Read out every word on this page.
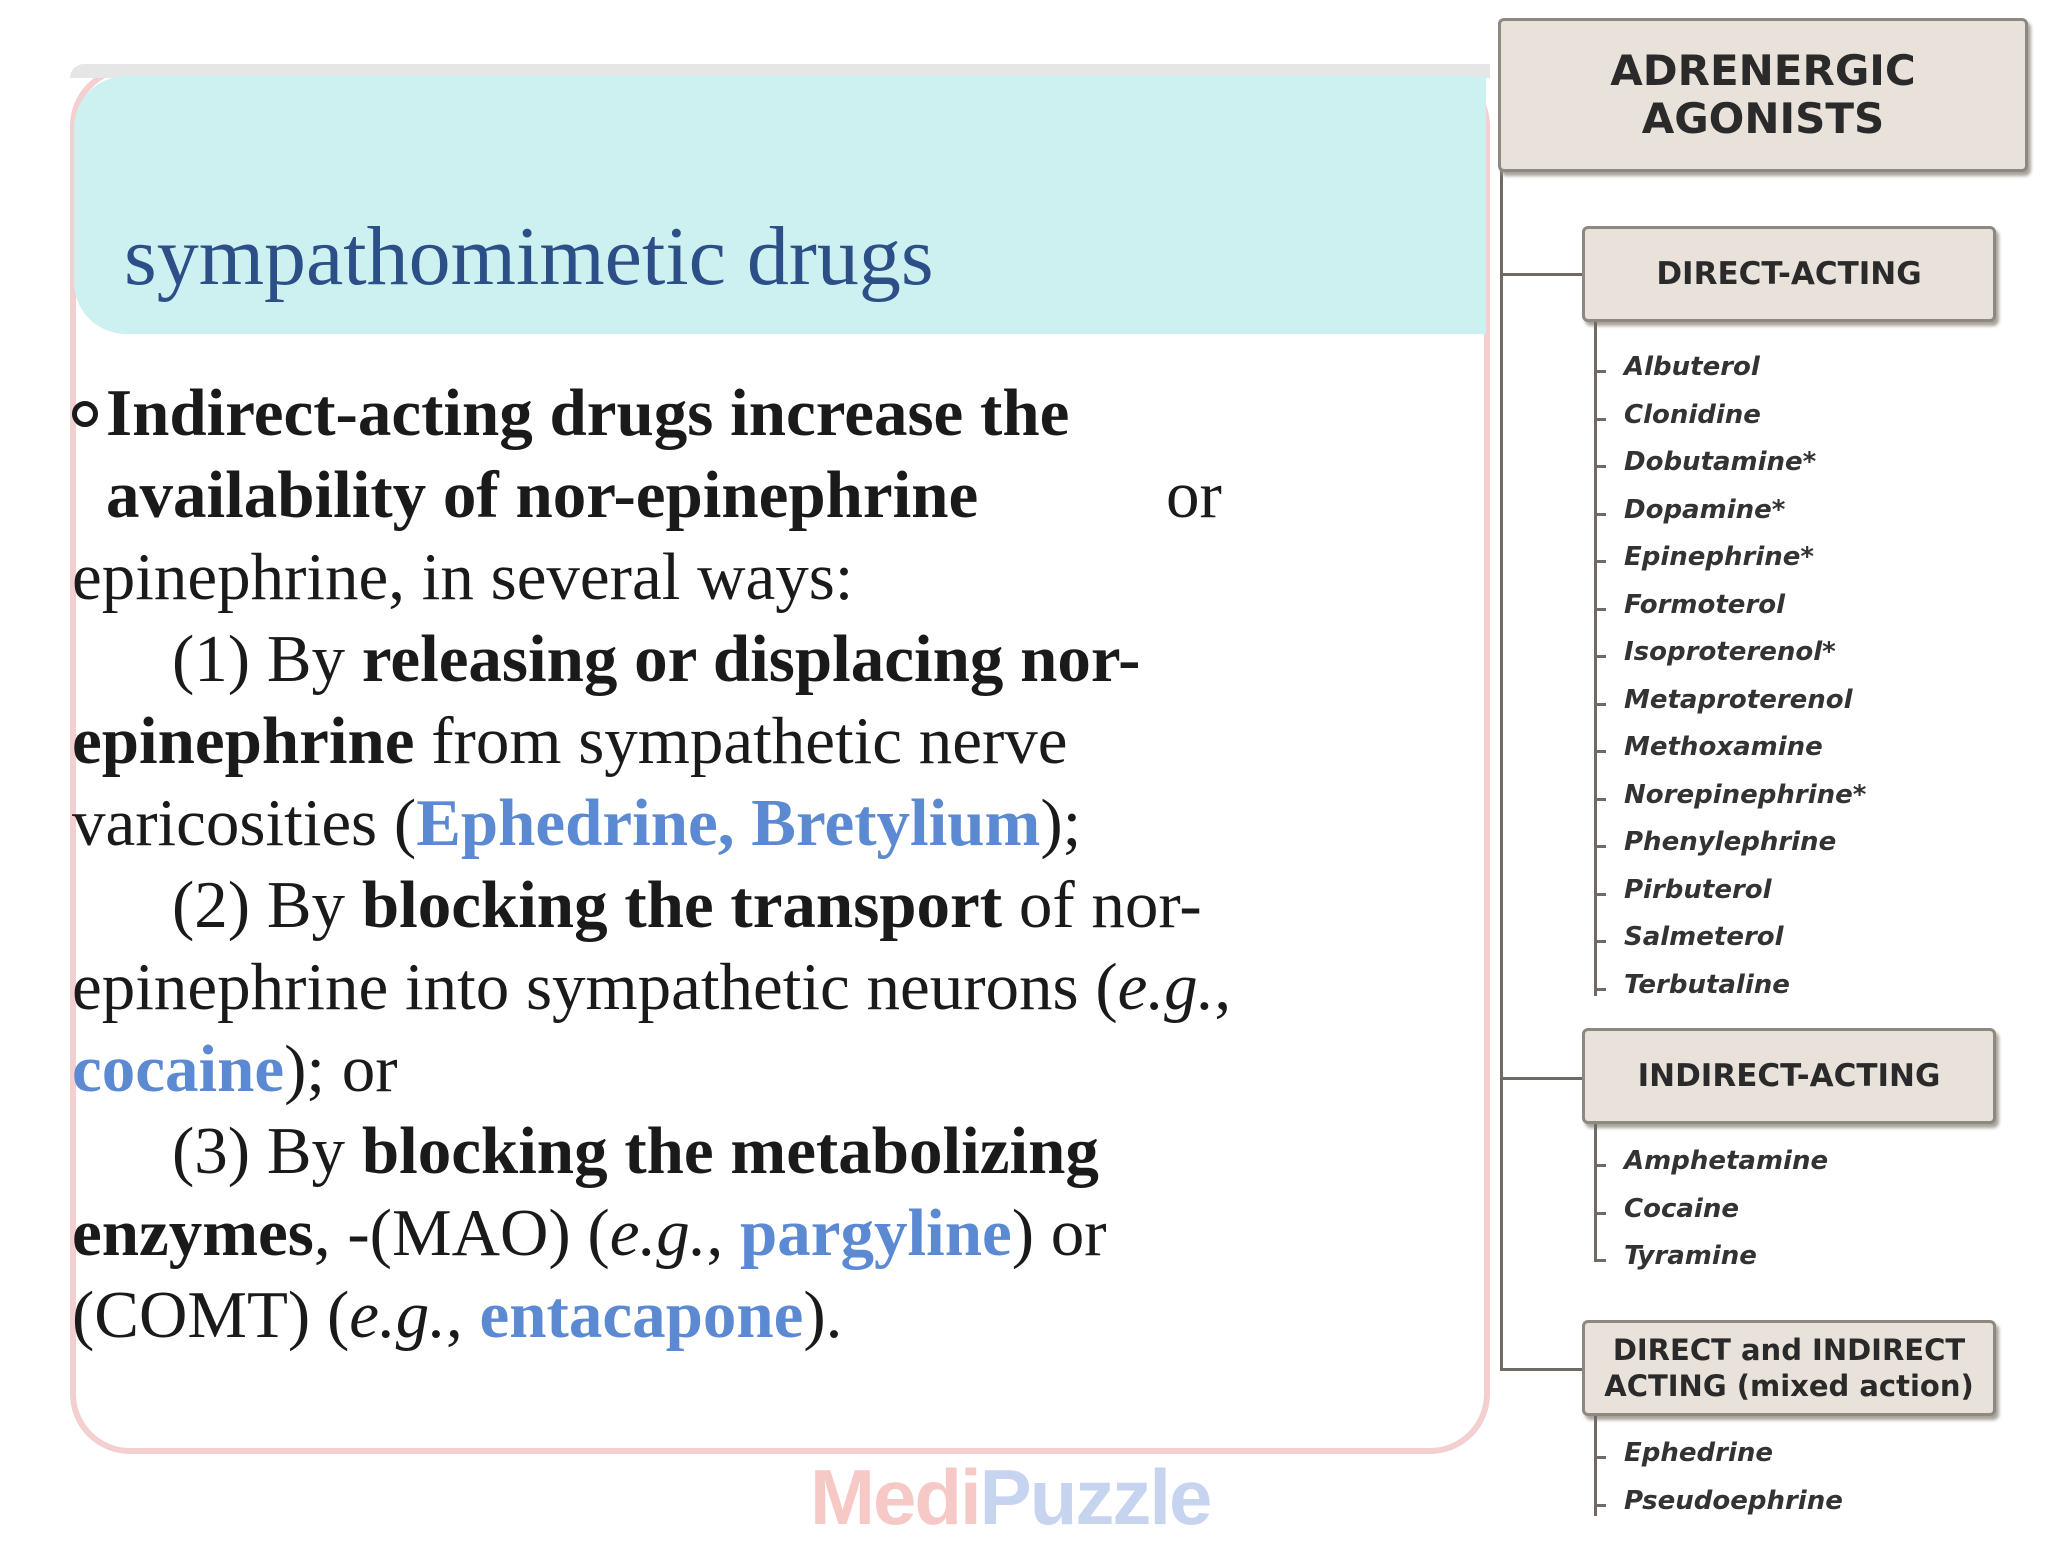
sympathomimetic drugs

Indirect-acting drugs increase the availability of nor-epinephrine	or

epinephrine, in several ways:

(1) By releasing or displacing nor-

epinephrine from sympathetic nerve

varicosities (Ephedrine, Bretylium);

(2) By blocking the transport of nor-

epinephrine into sympathetic neurons (e.g.,

cocaine); or

(3) By blocking the metabolizing

enzymes, -(MAO) (e.g., pargyline) or

(COMT) (e.g., entacapone).

MediPuzzle
ADRENERGIC
AGONISTS
DIRECT-ACTING
Albuterol
Clonidine
Dobutamine*
Dopamine*
Epinephrine*
Formoterol
Isoproterenol*
Metaproterenol
Methoxamine
Norepinephrine*
Phenylephrine
Pirbuterol
Salmeterol
Terbutaline
INDIRECT-ACTING
Amphetamine
Cocaine
Tyramine
DIRECT and INDIRECT
ACTING (mixed action)
Ephedrine
Pseudoephrine
